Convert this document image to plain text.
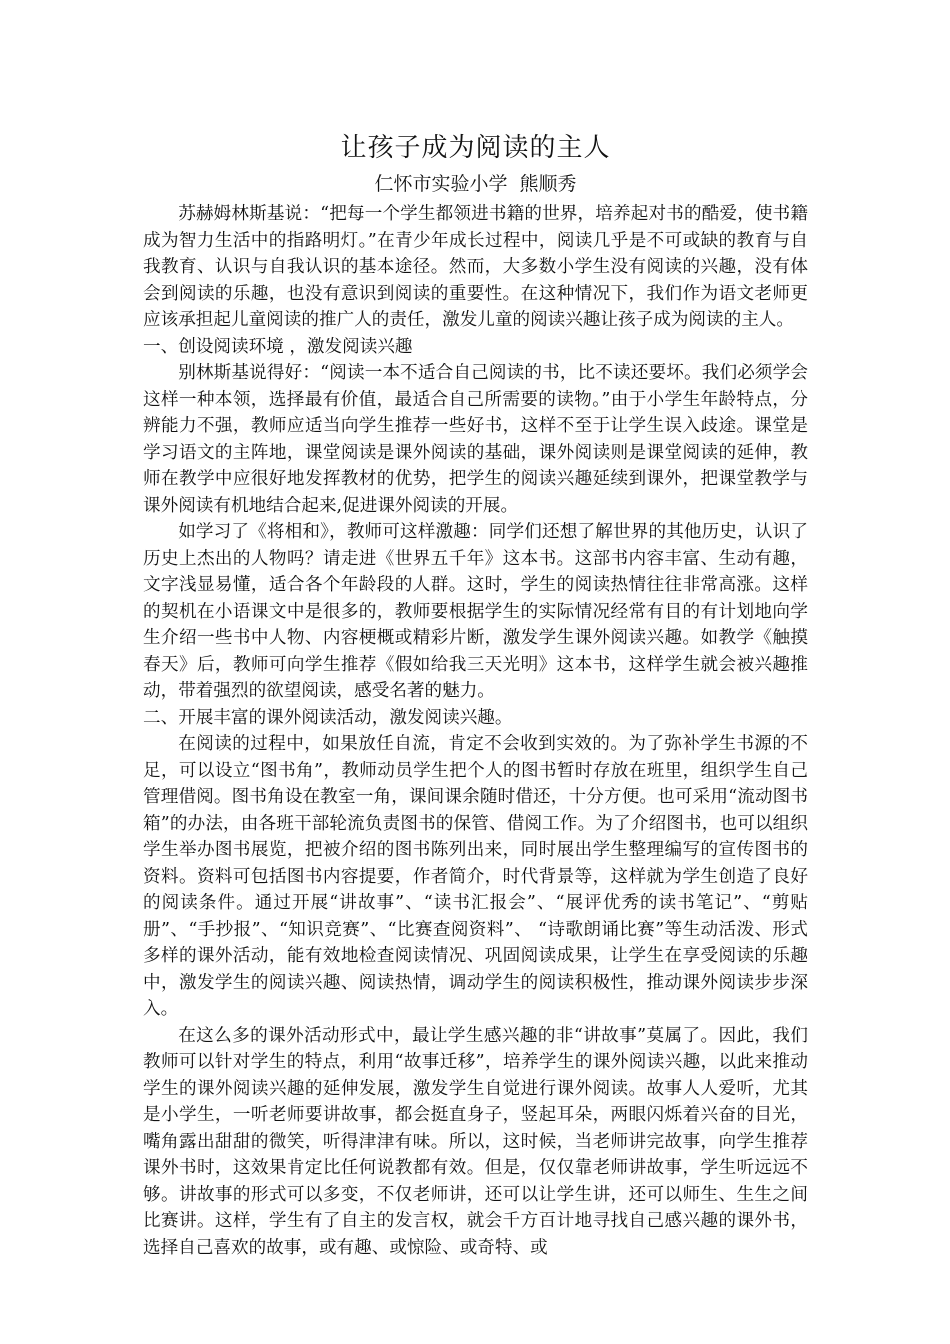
让孩子成为阅读的主人
仁怀市实验小学  熊顺秀

苏赫姆林斯基说：“把每一个学生都领进书籍的世界，培养起对书的酷爱，使书籍成为智力生活中的指路明灯。”在青少年成长过程中，阅读几乎是不可或缺的教育与自我教育、认识与自我认识的基本途径。然而，大多数小学生没有阅读的兴趣，没有体会到阅读的乐趣，也没有意识到阅读的重要性。在这种情况下，我们作为语文老师更应该承担起儿童阅读的推广人的责任，激发儿童的阅读兴趣让孩子成为阅读的主人。

一、创设阅读环境 ，激发阅读兴趣

别林斯基说得好：“阅读一本不适合自己阅读的书，比不读还要坏。我们必须学会这样一种本领，选择最有价值，最适合自己所需要的读物。”由于小学生年龄特点，分辨能力不强，教师应适当向学生推荐一些好书，这样不至于让学生误入歧途。课堂是学习语文的主阵地，课堂阅读是课外阅读的基础，课外阅读则是课堂阅读的延伸，教师在教学中应很好地发挥教材的优势，把学生的阅读兴趣延续到课外，把课堂教学与课外阅读有机地结合起来,促进课外阅读的开展。

如学习了《将相和》，教师可这样激趣：同学们还想了解世界的其他历史，认识了历史上杰出的人物吗？请走进《世界五千年》这本书。这部书内容丰富、生动有趣，文字浅显易懂，适合各个年龄段的人群。这时，学生的阅读热情往往非常高涨。这样的契机在小语课文中是很多的，教师要根据学生的实际情况经常有目的有计划地向学生介绍一些书中人物、内容梗概或精彩片断，激发学生课外阅读兴趣。如教学《触摸春天》后，教师可向学生推荐《假如给我三天光明》这本书，这样学生就会被兴趣推动，带着强烈的欲望阅读，感受名著的魅力。

二、开展丰富的课外阅读活动，激发阅读兴趣。

在阅读的过程中，如果放任自流，肯定不会收到实效的。为了弥补学生书源的不足，可以设立“图书角”，教师动员学生把个人的图书暂时存放在班里，组织学生自己管理借阅。图书角设在教室一角，课间课余随时借还，十分方便。也可采用“流动图书箱”的办法，由各班干部轮流负责图书的保管、借阅工作。为了介绍图书，也可以组织学生举办图书展览，把被介绍的图书陈列出来，同时展出学生整理编写的宣传图书的资料。资料可包括图书内容提要，作者简介，时代背景等，这样就为学生创造了良好的阅读条件。通过开展“讲故事”、“读书汇报会”、“展评优秀的读书笔记”、“剪贴册”、“手抄报”、“知识竞赛”、“比赛查阅资料”、 “诗歌朗诵比赛”等生动活泼、形式多样的课外活动，能有效地检查阅读情况、巩固阅读成果，让学生在享受阅读的乐趣中，激发学生的阅读兴趣、阅读热情，调动学生的阅读积极性，推动课外阅读步步深入。

在这么多的课外活动形式中，最让学生感兴趣的非“讲故事”莫属了。因此，我们教师可以针对学生的特点，利用“故事迁移”，培养学生的课外阅读兴趣，以此来推动学生的课外阅读兴趣的延伸发展，激发学生自觉进行课外阅读。故事人人爱听，尤其是小学生，一听老师要讲故事，都会挺直身子，竖起耳朵，两眼闪烁着兴奋的目光，嘴角露出甜甜的微笑，听得津津有味。所以，这时候，当老师讲完故事，向学生推荐课外书时，这效果肯定比任何说教都有效。但是，仅仅靠老师讲故事，学生听远远不够。讲故事的形式可以多变，不仅老师讲，还可以让学生讲，还可以师生、生生之间比赛讲。这样，学生有了自主的发言权，就会千方百计地寻找自己感兴趣的课外书，选择自己喜欢的故事，或有趣、或惊险、或奇特、或
